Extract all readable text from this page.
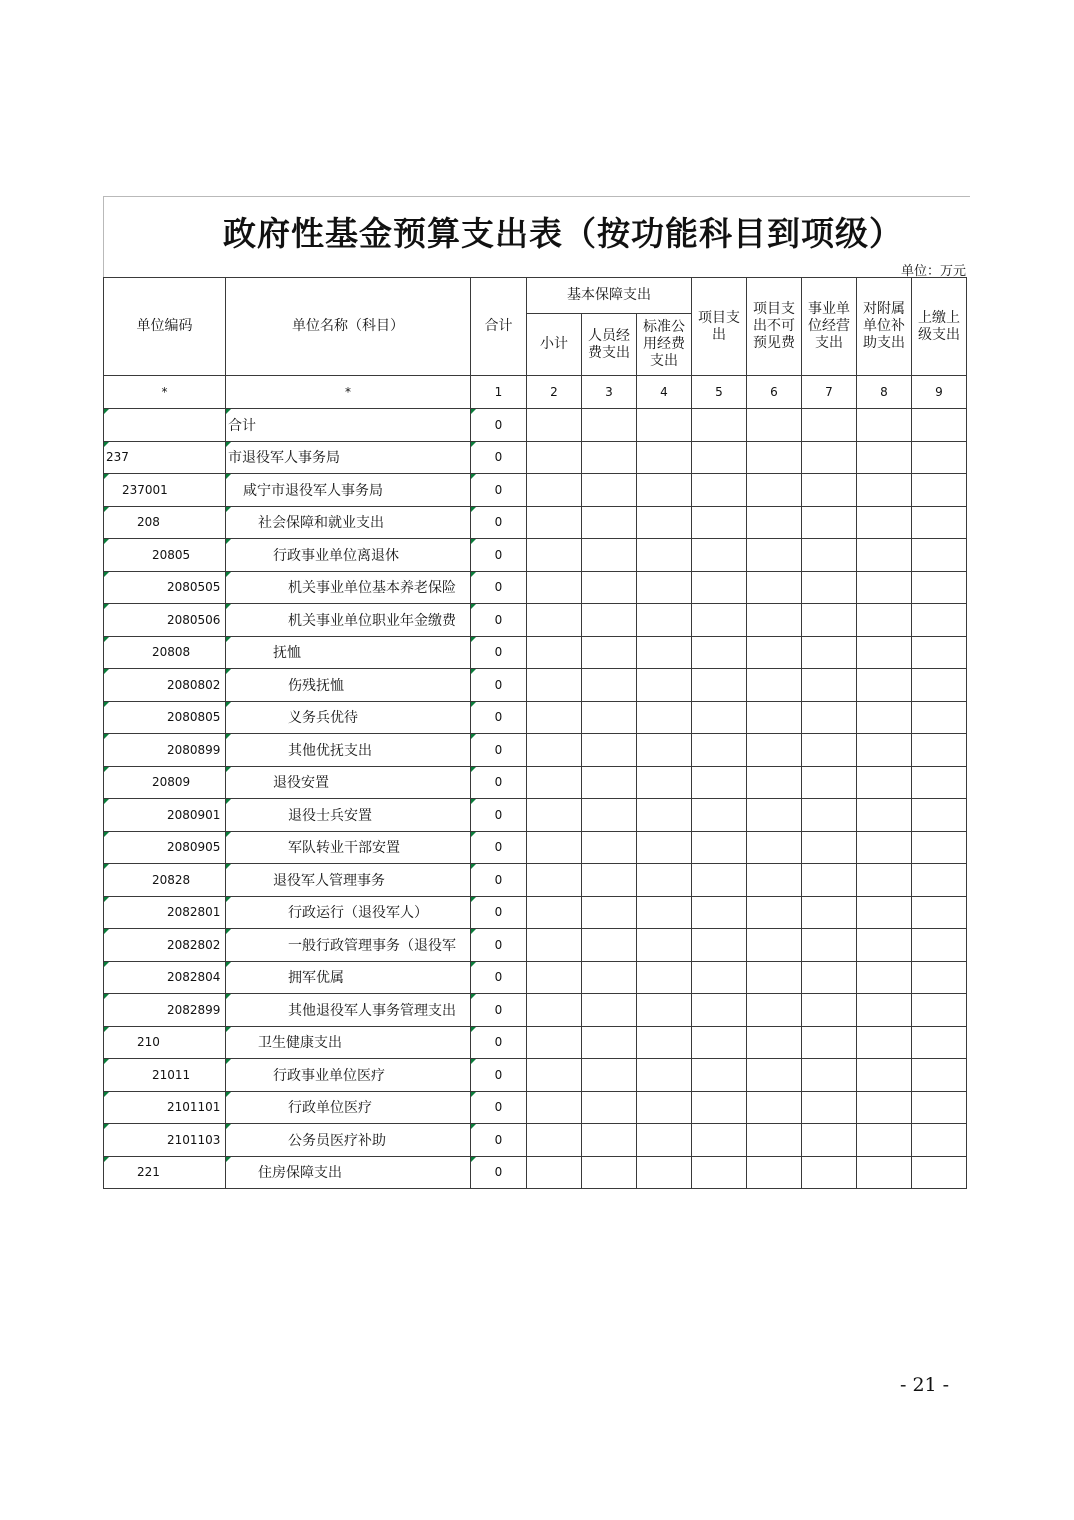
政府性基金预算支出表（按功能科目到项级）
单位：万元
单位编码	单位名称（科目）	合计	基本保障支出			项目支出	项目支出不可预见费	事业单位经营支出	对附属单位补助支出	上缴上级支出
			小计	人员经费支出	标准公用经费支出					
*	*	1	2	3	4	5	6	7	8	9
	合计	0								
237	市退役军人事务局	0								
237001	咸宁市退役军人事务局	0								
208	社会保障和就业支出	0								
20805	行政事业单位离退休	0								
2080505	机关事业单位基本养老保险	0								
2080506	机关事业单位职业年金缴费	0								
20808	抚恤	0								
2080802	伤残抚恤	0								
2080805	义务兵优待	0								
2080899	其他优抚支出	0								
20809	退役安置	0								
2080901	退役士兵安置	0								
2080905	军队转业干部安置	0								
20828	退役军人管理事务	0								
2082801	行政运行（退役军人）	0								
2082802	一般行政管理事务（退役军	0								
2082804	拥军优属	0								
2082899	其他退役军人事务管理支出	0								
210	卫生健康支出	0								
21011	行政事业单位医疗	0								
2101101	行政单位医疗	0								
2101103	公务员医疗补助	0								
221	住房保障支出	0								
- 21 -
